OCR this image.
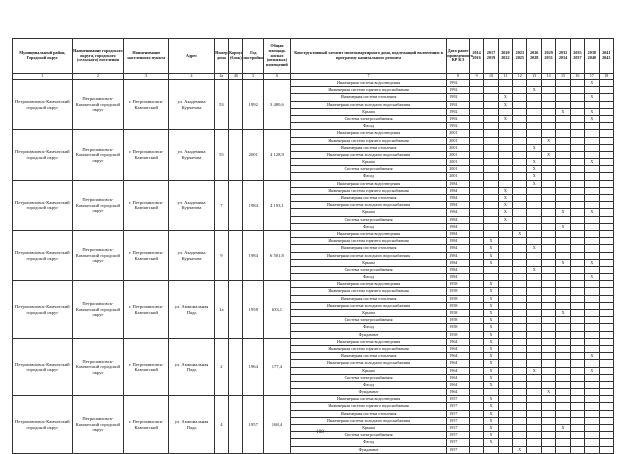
Муниципальный район, Городской округ	Наименование городского округа, городского (сельского) поселения	Наименование населенного пункта	Адрес	Номер дома	Корпус (блок)	Год постройки	Общая площадь жилых (нежилых) помещений	Конструктивный элемент многоквартирного дома, подлежащий включению в программу капитального ремонта	Дата ранее проведенного КР КЭ	2014 2016	2017 2019	2020 2022	2023 2025	2026 2028	2029 2031	2032 2034	2035 2037	2038 2040	2041 2043
1	2	3	4	4а	4б	5	6	7	8	9	10	11	12	13	14	15	16	17	18
Петропавловск-Камчатский городской округ	Петропавловск-Камчатский городской округ	г. Петропавловск-Камчатский	ул. Академика Курчатова	53		1992	3 480,6	Инженерная система водоотведения	1992									X	
								Инженерная система горячего водоснабжения	1992					X					
								Инженерная система отопления	1992			X						X	
								Инженерная система холодного водоснабжения	1992			X							
								Крыша	1992							X		X	
								Система электроснабжения	1992			X						X	
								Фасад	1992										
Петропавловск-Камчатский городской округ	Петропавловск-Камчатский городской округ	г. Петропавловск-Камчатский	ул. Академика Курчатова	55		2001	4 128,9	Инженерная система водоотведения	2001										
								Инженерная система горячего водоснабжения	2001						X				
								Инженерная система отопления	2001					X					
								Инженерная система холодного водоснабжения	2001						X				
								Крыша	2001					X				X	
								Система электроснабжения	2001					X					
								Фасад	2001					X					
Петропавловск-Камчатский городской округ	Петропавловск-Камчатский городской округ	г. Петропавловск-Камчатский	ул. Академика Курчатова	7		1984	4 193,1	Инженерная система водоотведения	1984					X					
								Инженерная система горячего водоснабжения	1984			X							
								Инженерная система отопления	1984			X							
								Инженерная система холодного водоснабжения	1984			X							
								Крыша	1984			X				X		X	
								Система электроснабжения	1984			X							
								Фасад	1984							X			
Петропавловск-Камчатский городской округ	Петропавловск-Камчатский городской округ	г. Петропавловск-Камчатский	ул. Академика Курчатова	9		1984	6 501,8	Инженерная система водоотведения	1984				X						
								Инженерная система горячего водоснабжения	1984		X								
								Инженерная система отопления	1984		X			X					
								Инженерная система холодного водоснабжения	1984		X								
								Крыша	1984		X					X		X	
								Система электроснабжения	1984					X					
								Фасад	1984									X	
Петропавловск-Камчатский городской округ	Петропавловск-Камчатский городской округ	г. Петропавловск-Камчатский	ул. Аммональная Падь	1а		1958	633,1	Инженерная система водоотведения	1958		X								
								Инженерная система горячего водоснабжения	1958		X								
								Инженерная система отопления	1958		X								
								Инженерная система холодного водоснабжения	1958		X								
								Крыша	1958		X					X			
								Система электроснабжения	1958		X								
								Фасад	1958		X								
								Фундамент	1958		X								
Петропавловск-Камчатский городской округ	Петропавловск-Камчатский городской округ	г. Петропавловск-Камчатский	ул. Аммональная Падь	2		1964	177,4	Инженерная система водоотведения	1964		X								
								Инженерная система горячего водоснабжения	1964		X								
								Инженерная система отопления	1964		X							X	
								Инженерная система холодного водоснабжения	1964		X								
								Крыша	1964		X			X				X	
								Система электроснабжения	1964		X								
								Фасад	1964		X								
								Фундамент	1964						X				
Петропавловск-Камчатский городской округ	Петропавловск-Камчатский городской округ	г. Петропавловск-Камчатский	ул. Аммональная Падь	4		1957	168,4	Инженерная система водоотведения	1957		X								
								Инженерная система горячего водоснабжения	1957		X								
								Инженерная система отопления	1957		X								
								Инженерная система холодного водоснабжения	1957		X								
								Крыша	1957		X					X			
								Система электроснабжения	1957		X								
								Фасад	1957		X								
								Фундамент	1957				X						
108
